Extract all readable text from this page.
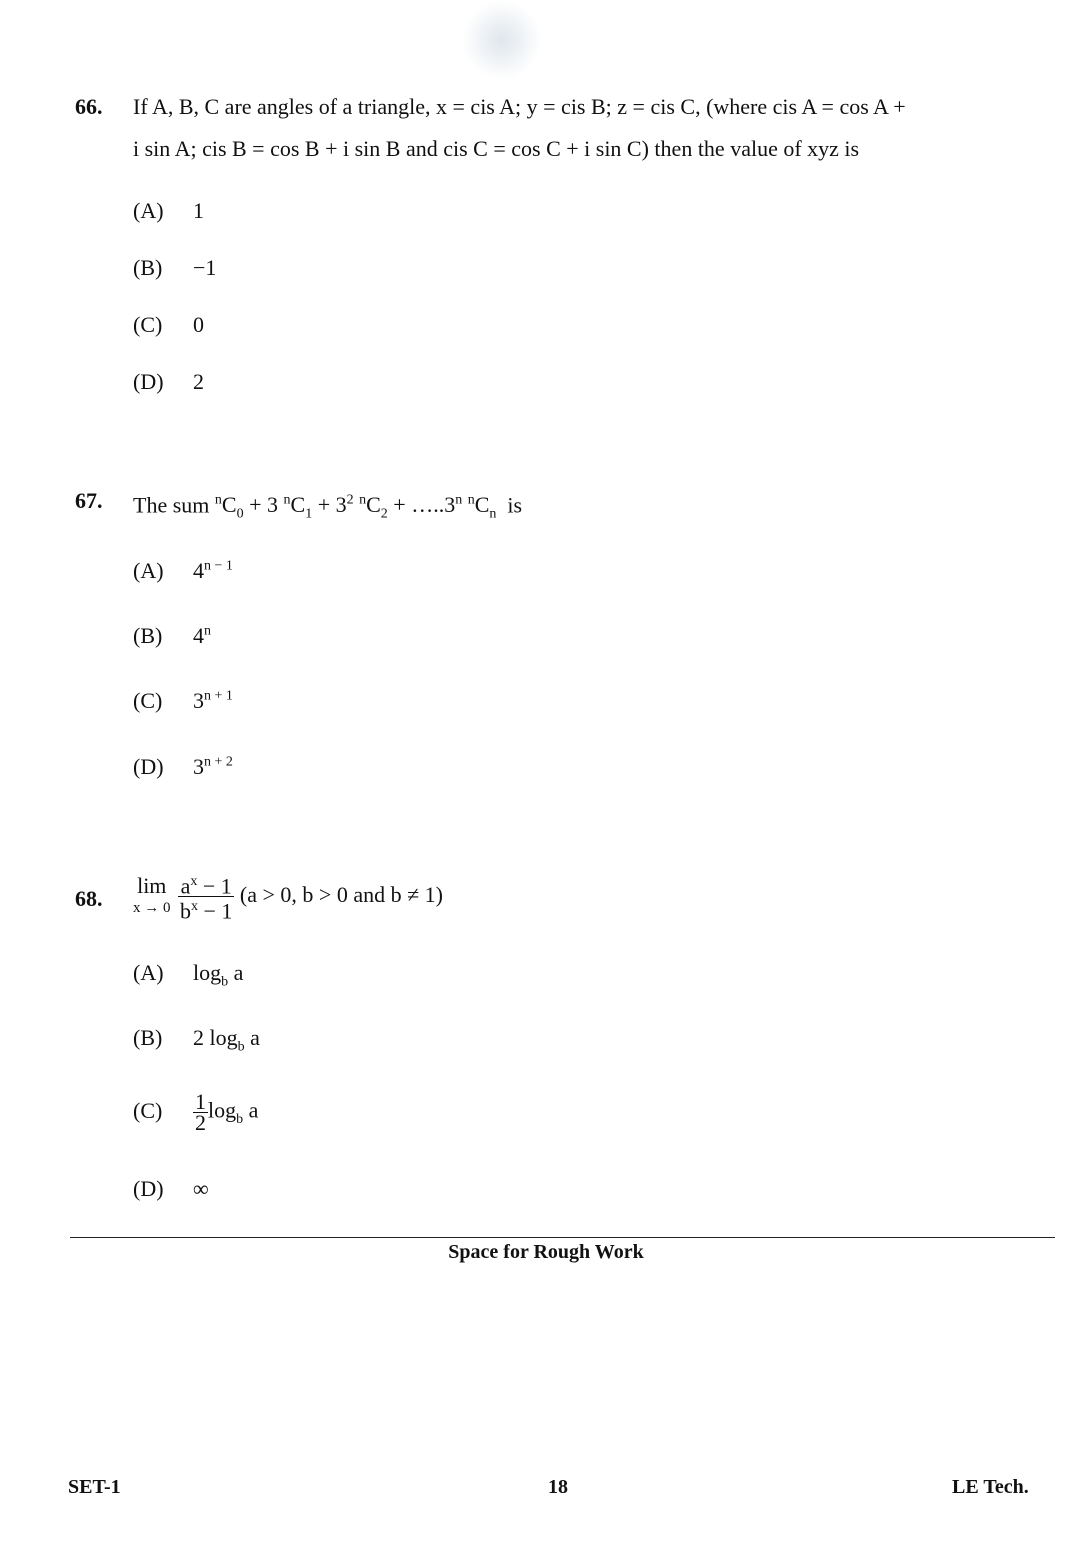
66.	If A, B, C are angles of a triangle, x = cis A; y = cis B; z = cis C, (where cis A = cos A +
i sin A; cis B = cos B + i sin B and cis C = cos C + i sin C) then the value of xyz is
(A) 1
(B) −1
(C) 0
(D) 2
67.	The sum $^nC_0 + 3$ $^nC_1 + 3^2$ $^nC_2$ + $\dots..3^n$ $^nC_n$ is
(A) $4^{n - 1}$
(B) 4$^n$
(C) $3^{n + 1}$
(D) $3^{n + 2}$
68.
lim
x → 0
$\frac{a^x - 1}{b^x - 1} (a > 0$, b > 0 and b ≠ 1)
(A) $\log_b a$
(B) 2 $\log_b a$
$(C) \frac{1}{2} \log_b a$
(D) ∞
Space for Rough Work
SET-1	18	LE Tech.
